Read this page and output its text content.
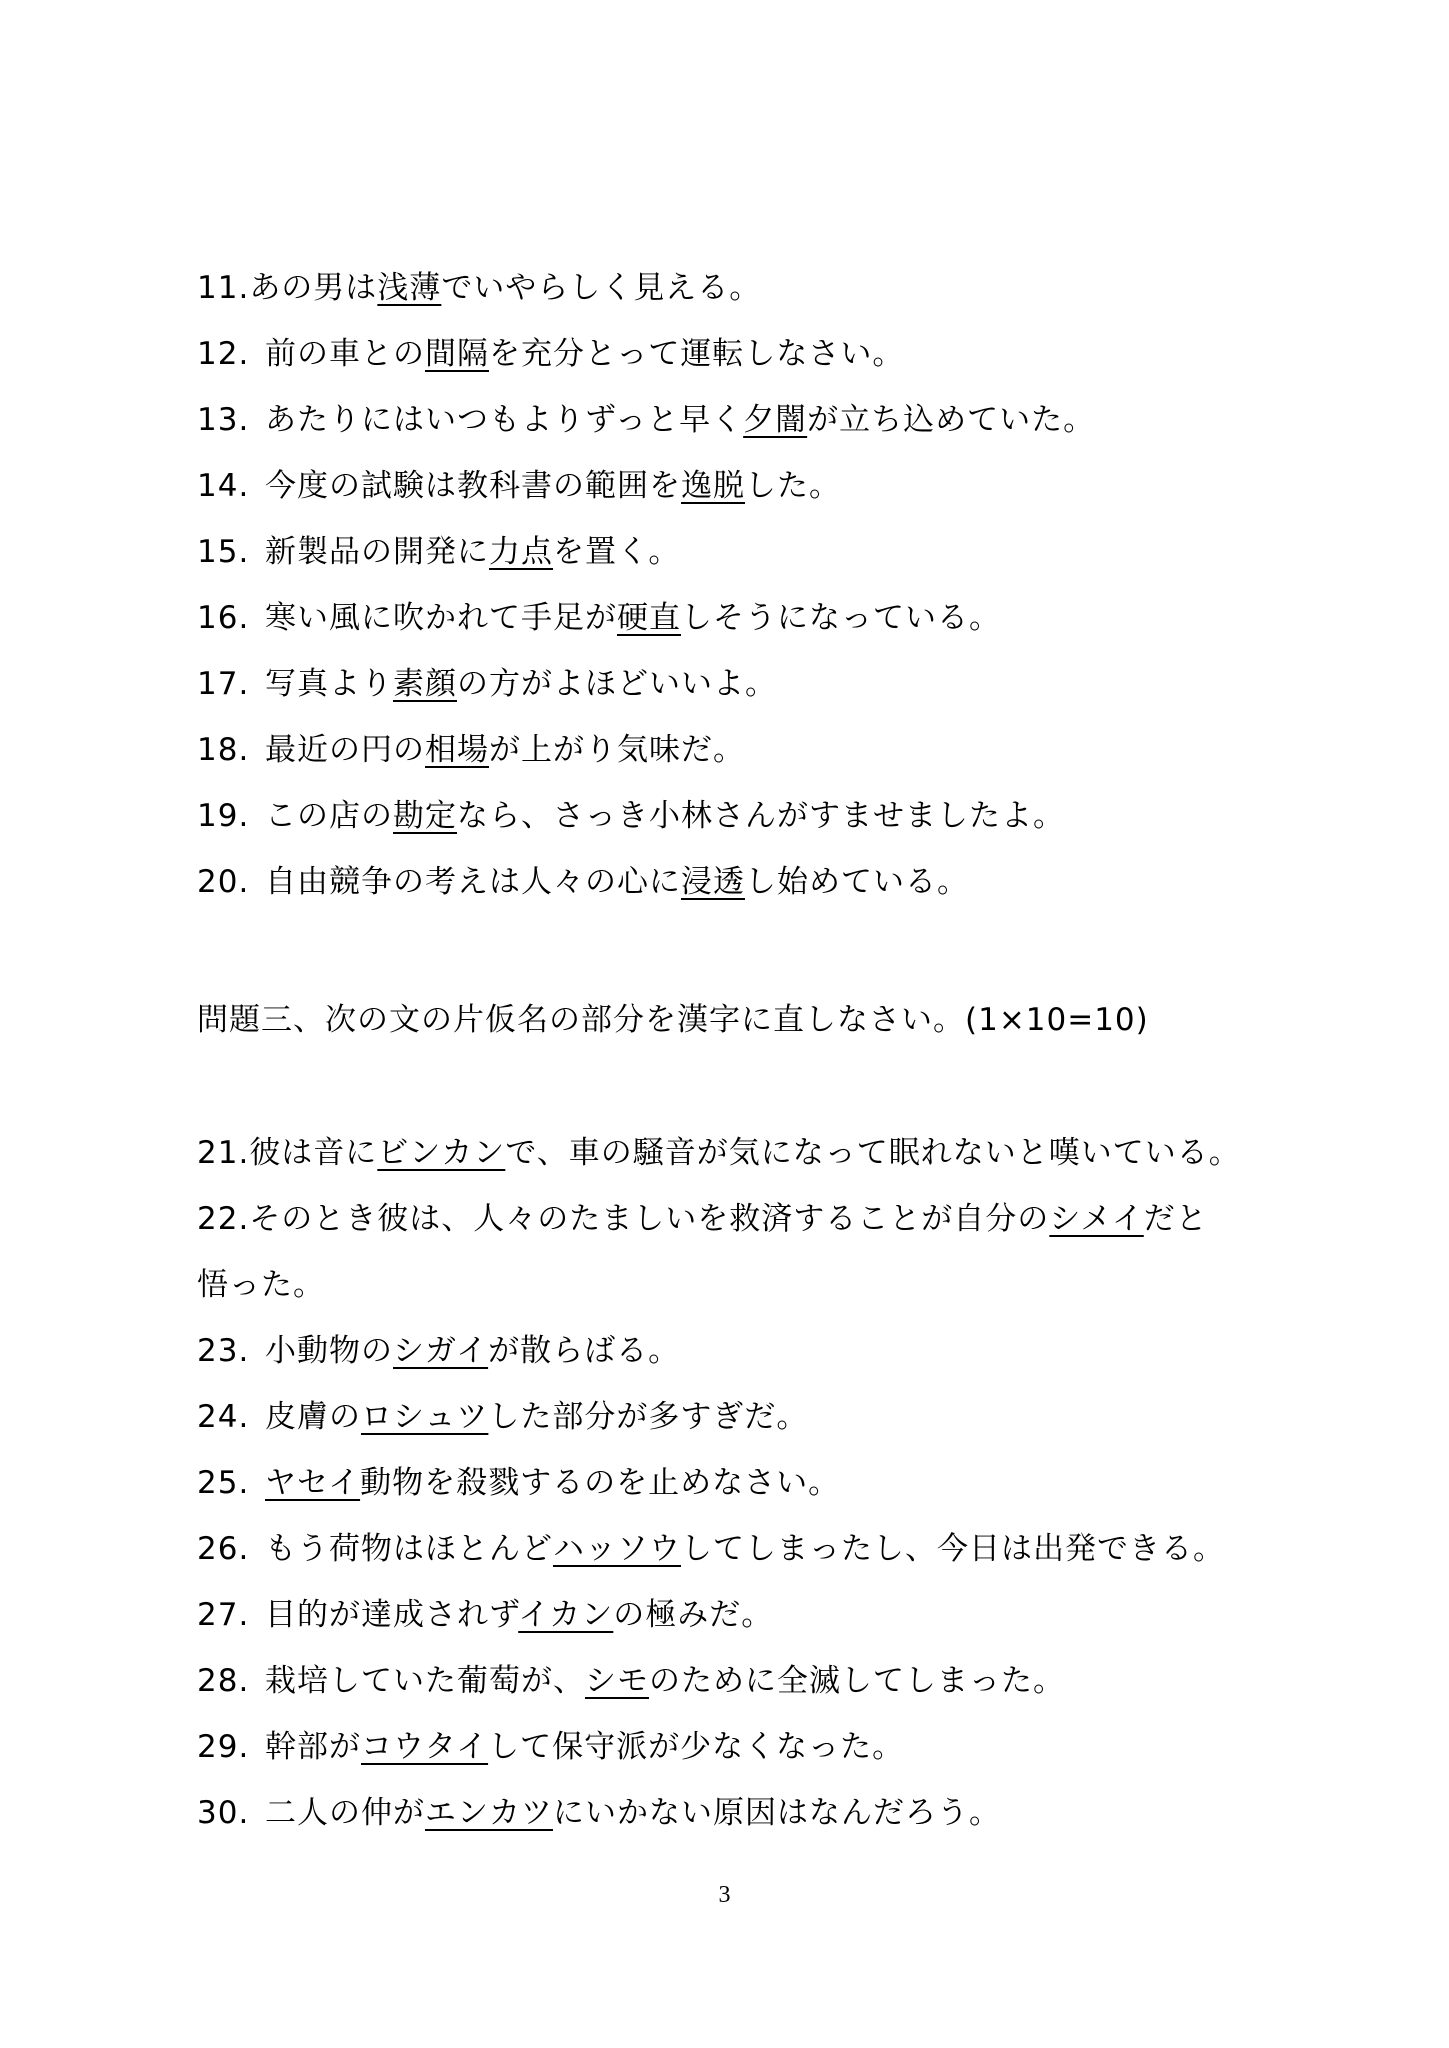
11.あの男は浅薄でいやらしく見える。
12. 前の車との間隔を充分とって運転しなさい。
13. あたりにはいつもよりずっと早く夕闇が立ち込めていた。
14. 今度の試験は教科書の範囲を逸脱した。
15. 新製品の開発に力点を置く。
16. 寒い風に吹かれて手足が硬直しそうになっている。
17. 写真より素顔の方がよほどいいよ。
18. 最近の円の相場が上がり気味だ。
19. この店の勘定なら、さっき小林さんがすませましたよ。
20. 自由競争の考えは人々の心に浸透し始めている。
問題三、次の文の片仮名の部分を漢字に直しなさい。(1×10=10)
21.彼は音にビンカンで、車の騒音が気になって眠れないと嘆いている。
22.そのとき彼は、人々のたましいを救済することが自分のシメイだと
悟った。
23. 小動物のシガイが散らばる。
24. 皮膚のロシュツした部分が多すぎだ。
25. ヤセイ動物を殺戮するのを止めなさい。
26. もう荷物はほとんどハッソウしてしまったし、今日は出発できる。
27. 目的が達成されずイカンの極みだ。
28. 栽培していた葡萄が、シモのために全滅してしまった。
29. 幹部がコウタイして保守派が少なくなった。
30. 二人の仲がエンカツにいかない原因はなんだろう。
3
